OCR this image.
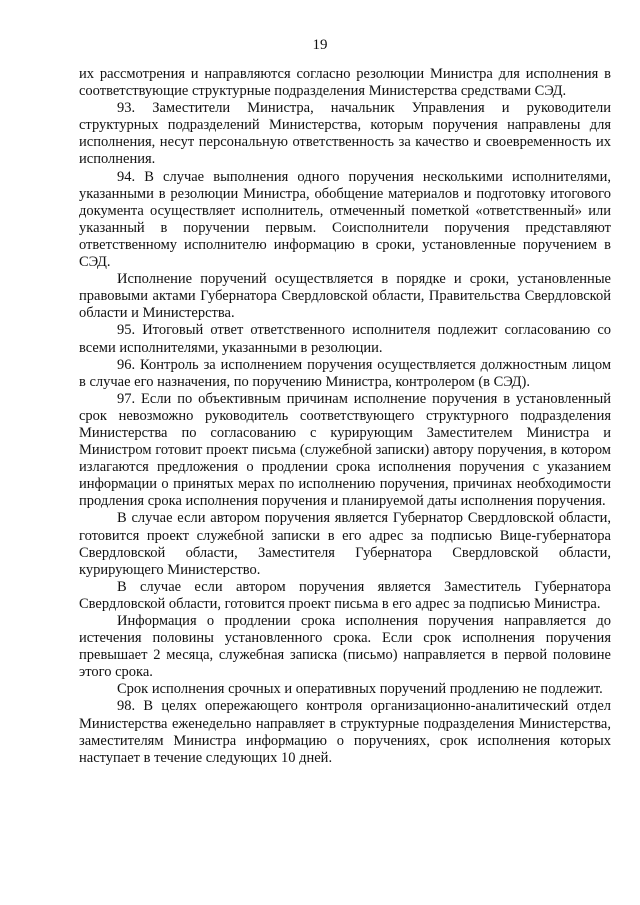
19

их рассмотрения и направляются согласно резолюции Министра для исполнения в соответствующие структурные подразделения Министерства средствами СЭД.

93. Заместители Министра, начальник Управления и руководители структурных подразделений Министерства, которым поручения направлены для исполнения, несут персональную ответственность за качество и своевременность их исполнения.

94. В случае выполнения одного поручения несколькими исполнителями, указанными в резолюции Министра, обобщение материалов и подготовку итогового документа осуществляет исполнитель, отмеченный пометкой «ответственный» или указанный в поручении первым. Соисполнители поручения представляют ответственному исполнителю информацию в сроки, установленные поручением в СЭД.

Исполнение поручений осуществляется в порядке и сроки, установленные правовыми актами Губернатора Свердловской области, Правительства Свердловской области и Министерства.

95. Итоговый ответ ответственного исполнителя подлежит согласованию со всеми исполнителями, указанными в резолюции.

96. Контроль за исполнением поручения осуществляется должностным лицом в случае его назначения, по поручению Министра, контролером (в СЭД).

97. Если по объективным причинам исполнение поручения в установленный срок невозможно руководитель соответствующего структурного подразделения Министерства по согласованию с курирующим Заместителем Министра и Министром готовит проект письма (служебной записки) автору поручения, в котором излагаются предложения о продлении срока исполнения поручения с указанием информации о принятых мерах по исполнению поручения, причинах необходимости продления срока исполнения поручения и планируемой даты исполнения поручения.

В случае если автором поручения является Губернатор Свердловской области, готовится проект служебной записки в его адрес за подписью Вице-губернатора Свердловской области, Заместителя Губернатора Свердловской области, курирующего Министерство.

В случае если автором поручения является Заместитель Губернатора Свердловской области, готовится проект письма в его адрес за подписью Министра.

Информация о продлении срока исполнения поручения направляется до истечения половины установленного срока. Если срок исполнения поручения превышает 2 месяца, служебная записка (письмо) направляется в первой половине этого срока.

Срок исполнения срочных и оперативных поручений продлению не подлежит.

98. В целях опережающего контроля организационно-аналитический отдел Министерства еженедельно направляет в структурные подразделения Министерства, заместителям Министра информацию о поручениях, срок исполнения которых наступает в течение следующих 10 дней.
